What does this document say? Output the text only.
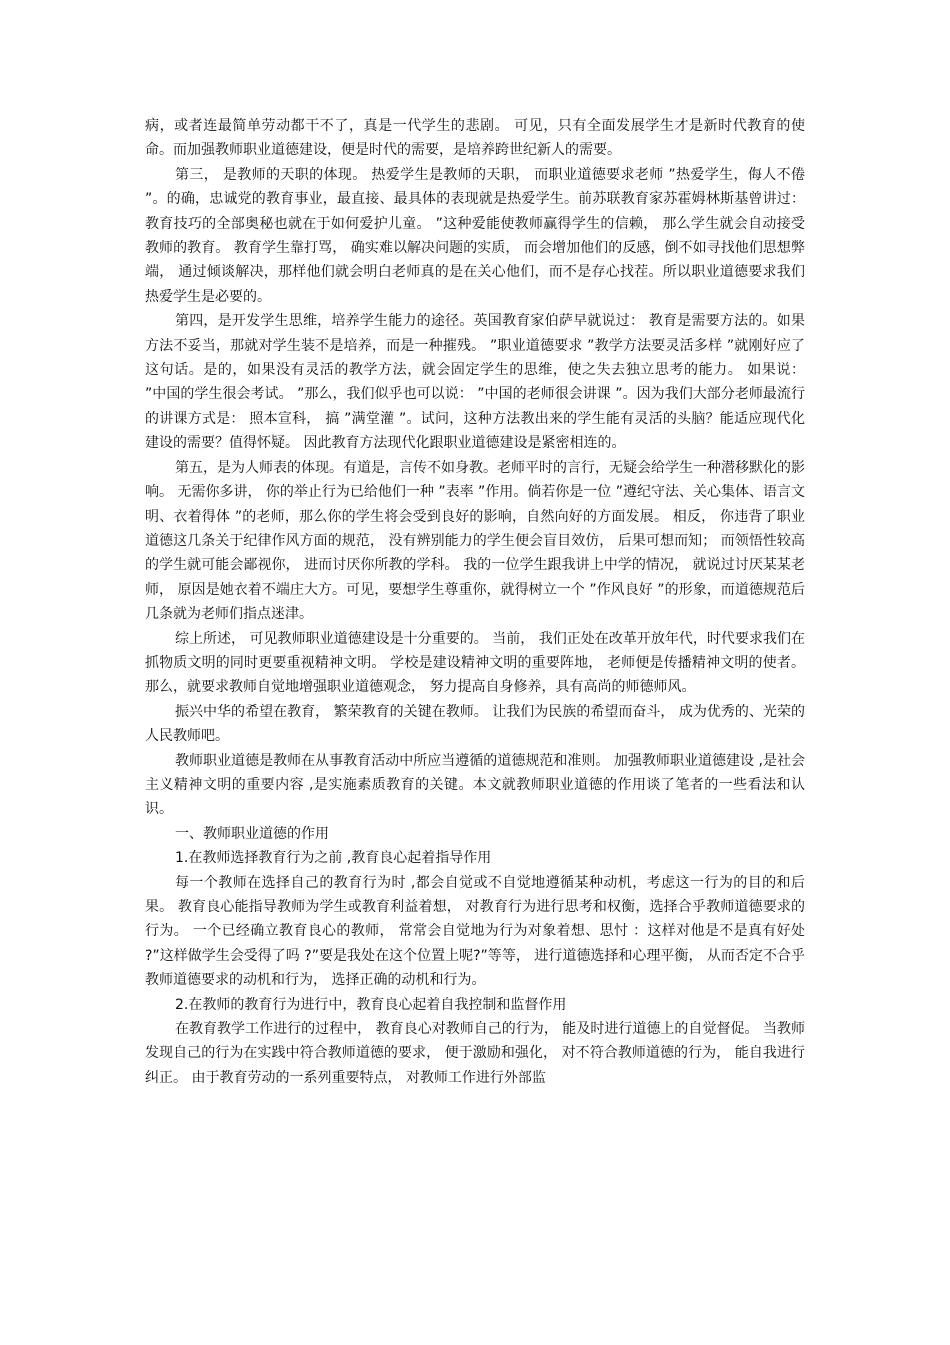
病，或者连最简单劳动都干不了，真是一代学生的悲剧。 可见，只有全面发展学生才是新时代教育的使命。而加强教师职业道德建设，便是时代的需要，是培养跨世纪新人的需要。

第三， 是教师的天职的体现。 热爱学生是教师的天职， 而职业道德要求老师 ”热爱学生，侮人不倦 ”。的确，忠诚党的教育事业，最直接、最具体的表现就是热爱学生。前苏联教育家苏霍姆林斯基曾讲过： 教育技巧的全部奥秘也就在于如何爱护儿童。 ”这种爱能使教师赢得学生的信赖， 那么学生就会自动接受教师的教育。 教育学生靠打骂， 确实难以解决问题的实质， 而会增加他们的反感，倒不如寻找他们思想弊端， 通过倾谈解决，那样他们就会明白老师真的是在关心他们，而不是存心找茬。所以职业道德要求我们热爱学生是必要的。

第四，是开发学生思维，培养学生能力的途径。英国教育家伯萨早就说过： 教育是需要方法的。如果方法不妥当，那就对学生装不是培养，而是一种摧残。 ”职业道德要求 ”教学方法要灵活多样 ”就刚好应了这句话。是的，如果没有灵活的教学方法，就会固定学生的思维，使之失去独立思考的能力。 如果说： ”中国的学生很会考试。 ”那么，我们似乎也可以说： ”中国的老师很会讲课 ”。因为我们大部分老师最流行的讲课方式是： 照本宣科， 搞 ”满堂灌 ”。试问，这种方法教出来的学生能有灵活的头脑？能适应现代化建设的需要？值得怀疑。 因此教育方法现代化跟职业道德建设是紧密相连的。

第五，是为人师表的体现。有道是，言传不如身教。老师平时的言行，无疑会给学生一种潜移默化的影响。 无需你多讲， 你的举止行为已给他们一种 ”表率 ”作用。倘若你是一位 ”遵纪守法、关心集体、语言文明、衣着得体 ”的老师，那么你的学生将会受到良好的影响，自然向好的方面发展。 相反， 你违背了职业道德这几条关于纪律作风方面的规范， 没有辨别能力的学生便会盲目效仿， 后果可想而知； 而领悟性较高的学生就可能会鄙视你， 进而讨厌你所教的学科。 我的一位学生跟我讲上中学的情况， 就说过讨厌某某老师， 原因是她衣着不端庄大方。可见，要想学生尊重你，就得树立一个 ”作风良好 ”的形象，而道德规范后几条就为老师们指点迷津。

综上所述， 可见教师职业道德建设是十分重要的。 当前， 我们正处在改革开放年代，时代要求我们在抓物质文明的同时更要重视精神文明。 学校是建设精神文明的重要阵地， 老师便是传播精神文明的使者。 那么，就要求教师自觉地增强职业道德观念， 努力提高自身修养，具有高尚的师德师风。

振兴中华的希望在教育， 繁荣教育的关键在教师。 让我们为民族的希望而奋斗， 成为优秀的、光荣的人民教师吧。

教师职业道德是教师在从事教育活动中所应当遵循的道德规范和准则。 加强教师职业道德建设 ,是社会主义精神文明的重要内容 ,是实施素质教育的关键。本文就教师职业道德的作用谈了笔者的一些看法和认识。

一、教师职业道德的作用

1.在教师选择教育行为之前 ,教育良心起着指导作用

每一个教师在选择自己的教育行为时 ,都会自觉或不自觉地遵循某种动机，考虑这一行为的目的和后果。 教育良心能指导教师为学生或教育利益着想， 对教育行为进行思考和权衡，选择合乎教师道德要求的行为。 一个已经确立教育良心的教师， 常常会自觉地为行为对象着想、思忖 ：这样对他是不是真有好处 ?”这样做学生会受得了吗 ?”要是我处在这个位置上呢?”等等， 进行道德选择和心理平衡， 从而否定不合乎教师道德要求的动机和行为， 选择正确的动机和行为。

2.在教师的教育行为进行中，教育良心起着自我控制和监督作用

在教育教学工作进行的过程中， 教育良心对教师自己的行为， 能及时进行道德上的自觉督促。 当教师发现自己的行为在实践中符合教师道德的要求， 便于激励和强化， 对不符合教师道德的行为， 能自我进行纠正。 由于教育劳动的一系列重要特点， 对教师工作进行外部监
